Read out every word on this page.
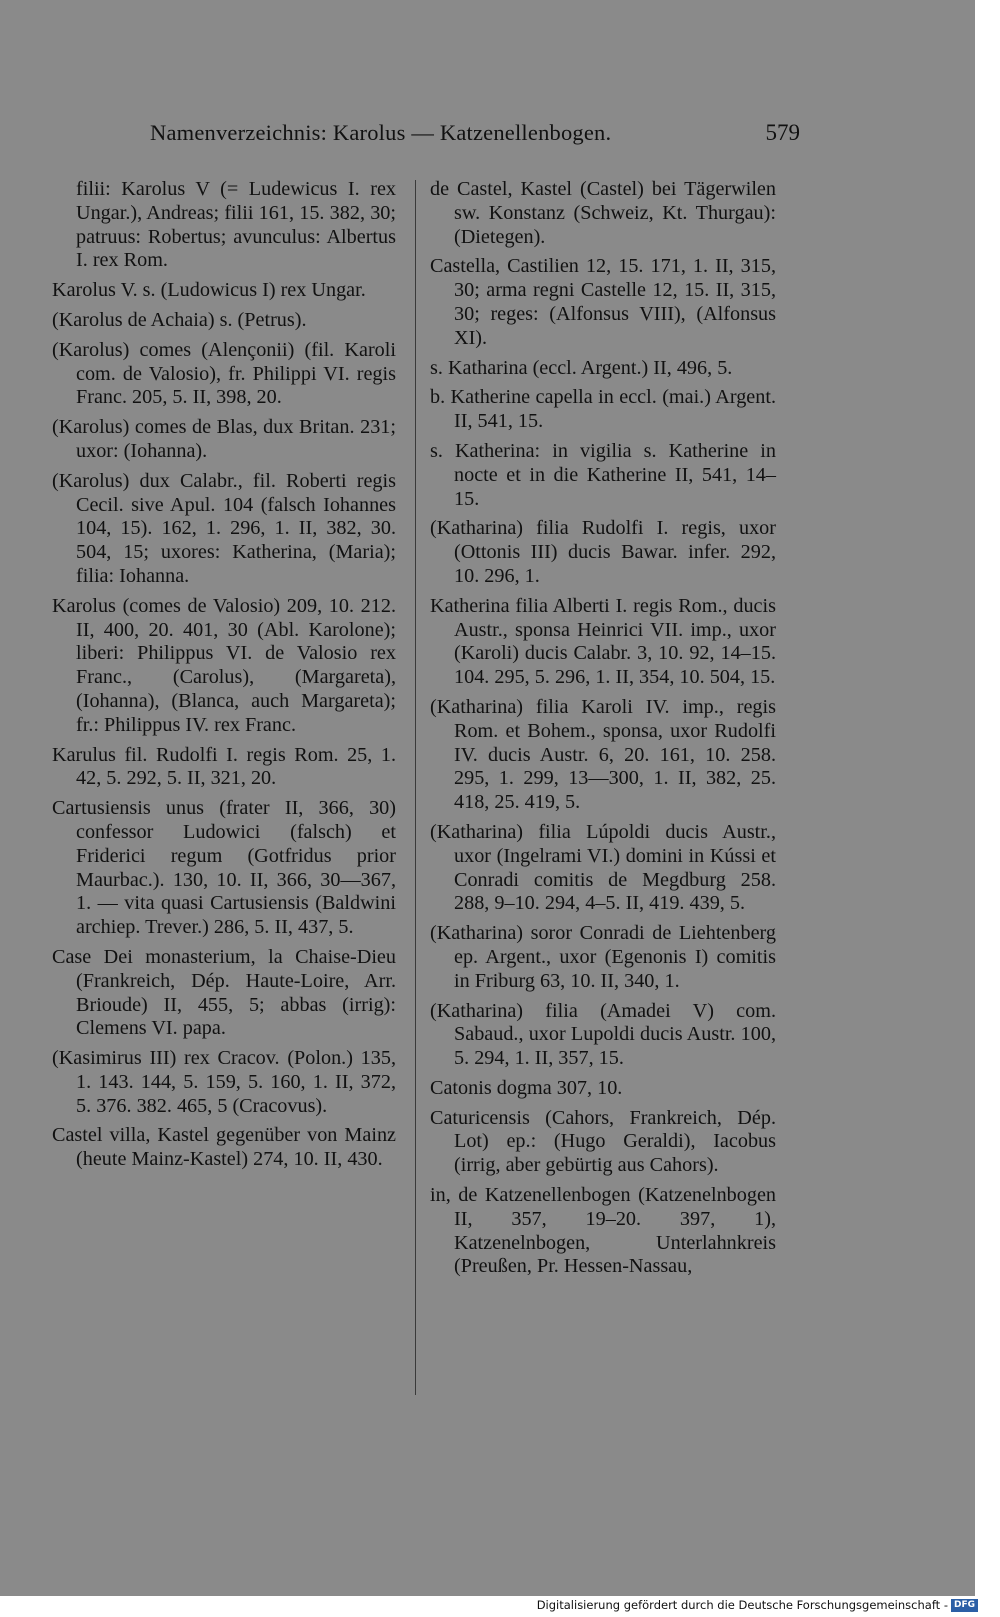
Namenverzeichnis: Karolus — Katzenellenbogen.	579

filii: Karolus V (= Ludewicus I. rex Ungar.), Andreas; filii 161, 15. 382, 30; patruus: Robertus; avunculus: Albertus I. rex Rom.

Karolus V. s. (Ludowicus I) rex Ungar.

(Karolus de Achaia) s. (Petrus).

(Karolus) comes (Alençonii) (fil. Karoli com. de Valosio), fr. Philippi VI. regis Franc. 205, 5. II, 398, 20.

(Karolus) comes de Blas, dux Britan. 231; uxor: (Iohanna).

(Karolus) dux Calabr., fil. Roberti regis Cecil. sive Apul. 104 (falsch Iohannes 104, 15). 162, 1. 296, 1. II, 382, 30. 504, 15; uxores: Katherina, (Maria); filia: Iohanna.

Karolus (comes de Valosio) 209, 10. 212. II, 400, 20. 401, 30 (Abl. Karolone); liberi: Philippus VI. de Valosio rex Franc., (Carolus), (Margareta), (Iohanna), (Blanca, auch Margareta); fr.: Philippus IV. rex Franc.

Karulus fil. Rudolfi I. regis Rom. 25, 1. 42, 5. 292, 5. II, 321, 20.

Cartusiensis unus (frater II, 366, 30) confessor Ludowici (falsch) et Friderici regum (Gotfridus prior Maurbac.). 130, 10. II, 366, 30—367, 1. — vita quasi Cartusiensis (Baldwini archiep. Trever.) 286, 5. II, 437, 5.

Case Dei monasterium, la Chaise-Dieu (Frankreich, Dép. Haute-Loire, Arr. Brioude) II, 455, 5; abbas (irrig): Clemens VI. papa.

(Kasimirus III) rex Cracov. (Polon.) 135, 1. 143. 144, 5. 159, 5. 160, 1. II, 372, 5. 376. 382. 465, 5 (Cracovus).

Castel villa, Kastel gegenüber von Mainz (heute Mainz-Kastel) 274, 10. II, 430.

de Castel, Kastel (Castel) bei Tägerwilen sw. Konstanz (Schweiz, Kt. Thurgau): (Dietegen).

Castella, Castilien 12, 15. 171, 1. II, 315, 30; arma regni Castelle 12, 15. II, 315, 30; reges: (Alfonsus VIII), (Alfonsus XI).

s. Katharina (eccl. Argent.) II, 496, 5.

b. Katherine capella in eccl. (mai.) Argent. II, 541, 15.

s. Katherina: in vigilia s. Katherine in nocte et in die Katherine II, 541, 14–15.

(Katharina) filia Rudolfi I. regis, uxor (Ottonis III) ducis Bawar. infer. 292, 10. 296, 1.

Katherina filia Alberti I. regis Rom., ducis Austr., sponsa Heinrici VII. imp., uxor (Karoli) ducis Calabr. 3, 10. 92, 14–15. 104. 295, 5. 296, 1. II, 354, 10. 504, 15.

(Katharina) filia Karoli IV. imp., regis Rom. et Bohem., sponsa, uxor Rudolfi IV. ducis Austr. 6, 20. 161, 10. 258. 295, 1. 299, 13—300, 1. II, 382, 25. 418, 25. 419, 5.

(Katharina) filia Lúpoldi ducis Austr., uxor (Ingelrami VI.) domini in Kússi et Conradi comitis de Megdburg 258. 288, 9–10. 294, 4–5. II, 419. 439, 5.

(Katharina) soror Conradi de Liehtenberg ep. Argent., uxor (Egenonis I) comitis in Friburg 63, 10. II, 340, 1.

(Katharina) filia (Amadei V) com. Sabaud., uxor Lupoldi ducis Austr. 100, 5. 294, 1. II, 357, 15.

Catonis dogma 307, 10.

Caturicensis (Cahors, Frankreich, Dép. Lot) ep.: (Hugo Geraldi), Iacobus (irrig, aber gebürtig aus Cahors).

in, de Katzenellenbogen (Katzenelnbogen II, 357, 19–20. 397, 1), Katzenelnbogen, Unterlahnkreis (Preußen, Pr. Hessen-Nassau,

Digitalisierung gefördert durch die Deutsche Forschungsgemeinschaft - DFG
